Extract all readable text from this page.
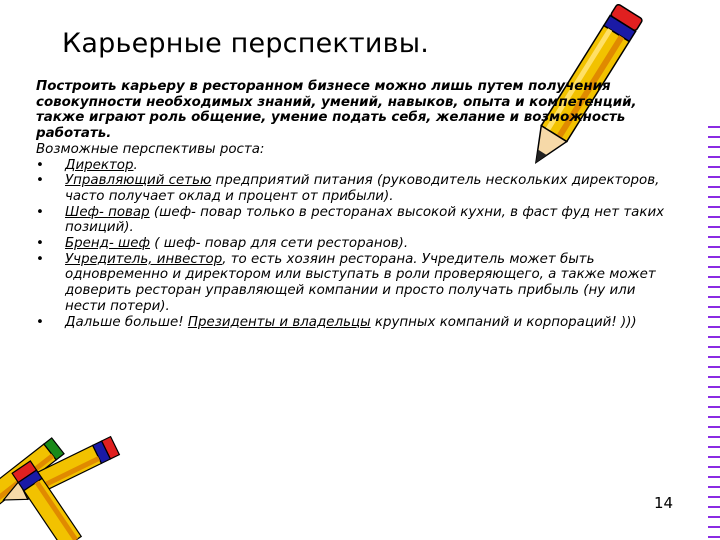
Карьерные перспективы.

Построить карьеру в ресторанном бизнесе можно лишь путем получения совокупности необходимых знаний, умений, навыков, опыта и компетенций, также играют роль общение, умение подать себя, желание и возможность работать.

Возможные перспективы роста:

• Директор.
• Управляющий сетью предприятий питания (руководитель нескольких директоров, часто получает оклад и процент от прибыли).
• Шеф- повар (шеф- повар только в ресторанах высокой кухни, в фаст фуд нет таких позиций).
• Бренд- шеф ( шеф- повар для сети ресторанов).
• Учредитель, инвестор, то есть хозяин ресторана. Учредитель может быть одновременно и директором или выступать в роли проверяющего, а также может доверить ресторан управляющей компании и просто получать прибыль (ну или нести потери).
• Дальше больше! Президенты и владельцы крупных компаний и корпораций! )))
14
